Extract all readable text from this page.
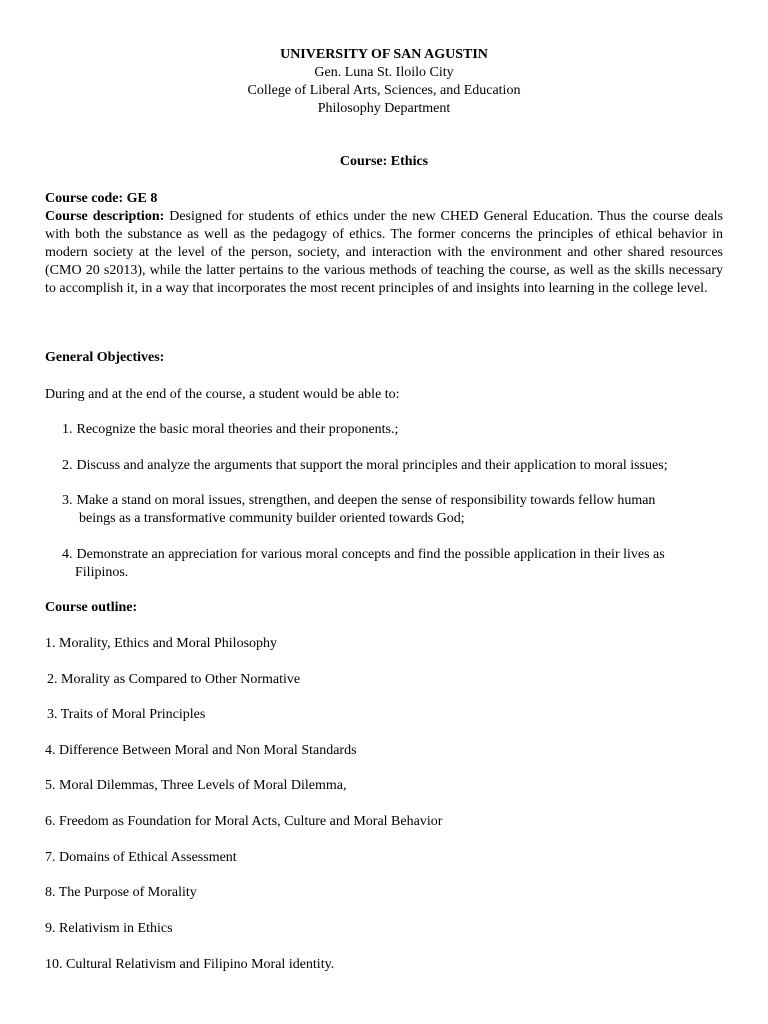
UNIVERSITY OF SAN AGUSTIN
Gen. Luna St. Iloilo City
College of Liberal Arts, Sciences, and Education
Philosophy Department
Course: Ethics
Course code: GE 8
Course description: Designed for students of ethics under the new CHED General Education. Thus the course deals with both the substance as well as the pedagogy of ethics. The former concerns the principles of ethical behavior in modern society at the level of the person, society, and interaction with the environment and other shared resources (CMO 20 s2013), while the latter pertains to the various methods of teaching the course, as well as the skills necessary to accomplish it, in a way that incorporates the most recent principles of and insights into learning in the college level.
General Objectives:
During and at the end of the course, a student would be able to:
1. Recognize the basic moral theories and their proponents.;
2. Discuss and analyze the arguments that support the moral principles and their application to moral issues;
3. Make a stand on moral issues, strengthen, and deepen the sense of responsibility towards fellow human
beings as a transformative community builder oriented towards God;
4. Demonstrate an appreciation for various moral concepts and find the possible application in their lives as
Filipinos.
Course outline:
1. Morality, Ethics and Moral Philosophy
2. Morality as Compared to Other Normative
3. Traits of Moral Principles
4. Difference Between Moral and Non Moral Standards
5. Moral Dilemmas, Three Levels of Moral Dilemma,
6. Freedom as Foundation for Moral Acts, Culture and Moral Behavior
7. Domains of Ethical Assessment
8. The Purpose of Morality
9. Relativism in Ethics
10. Cultural Relativism and Filipino Moral identity.
